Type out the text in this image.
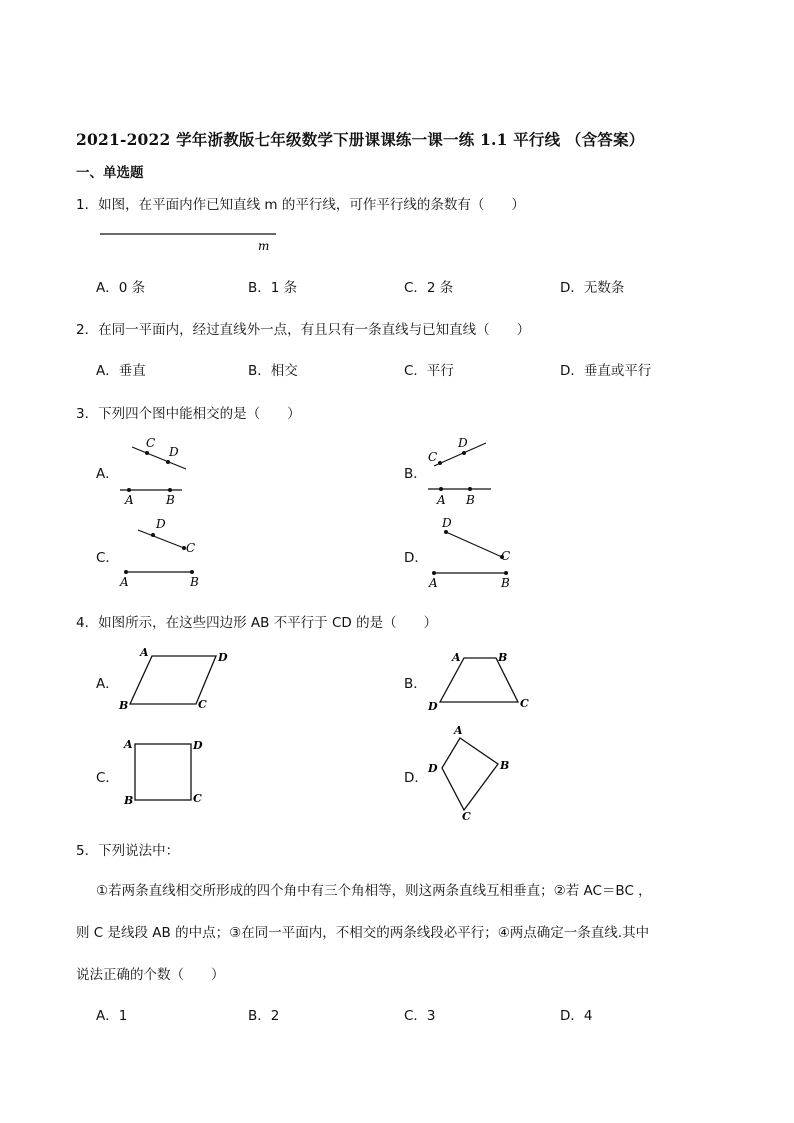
2021-2022 学年浙教版七年级数学下册课课练一课一练 1.1 平行线 （含答案）
一、单选题
1．如图，在平面内作已知直线 m 的平行线，可作平行线的条数有（　　）
m
A．0 条	B．1 条	C．2 条	D．无数条
2．在同一平面内，经过直线外一点，有且只有一条直线与已知直线（　　）
A．垂直	B．相交	C．平行	D．垂直或平行
3．下列四个图中能相交的是（　　）
A．
C
D
A	B
B．
C
D
A B
C．
D
C
A	B
D．
D
C
A	B
4．如图所示，在这些四边形 AB 不平行于 CD 的是（　　）
A．
A	D
B	C
B．
A	B
D	C
C．
A	D
B	C
D．
A
B
C
D
5．下列说法中：
①若两条直线相交所形成的四个角中有三个角相等，则这两条直线互相垂直；②若 AC＝BC ，
则 C 是线段 AB 的中点；③在同一平面内，不相交的两条线段必平行；④两点确定一条直线.其中
说法正确的个数（　　）
A．1	B．2	C．3	D．4
